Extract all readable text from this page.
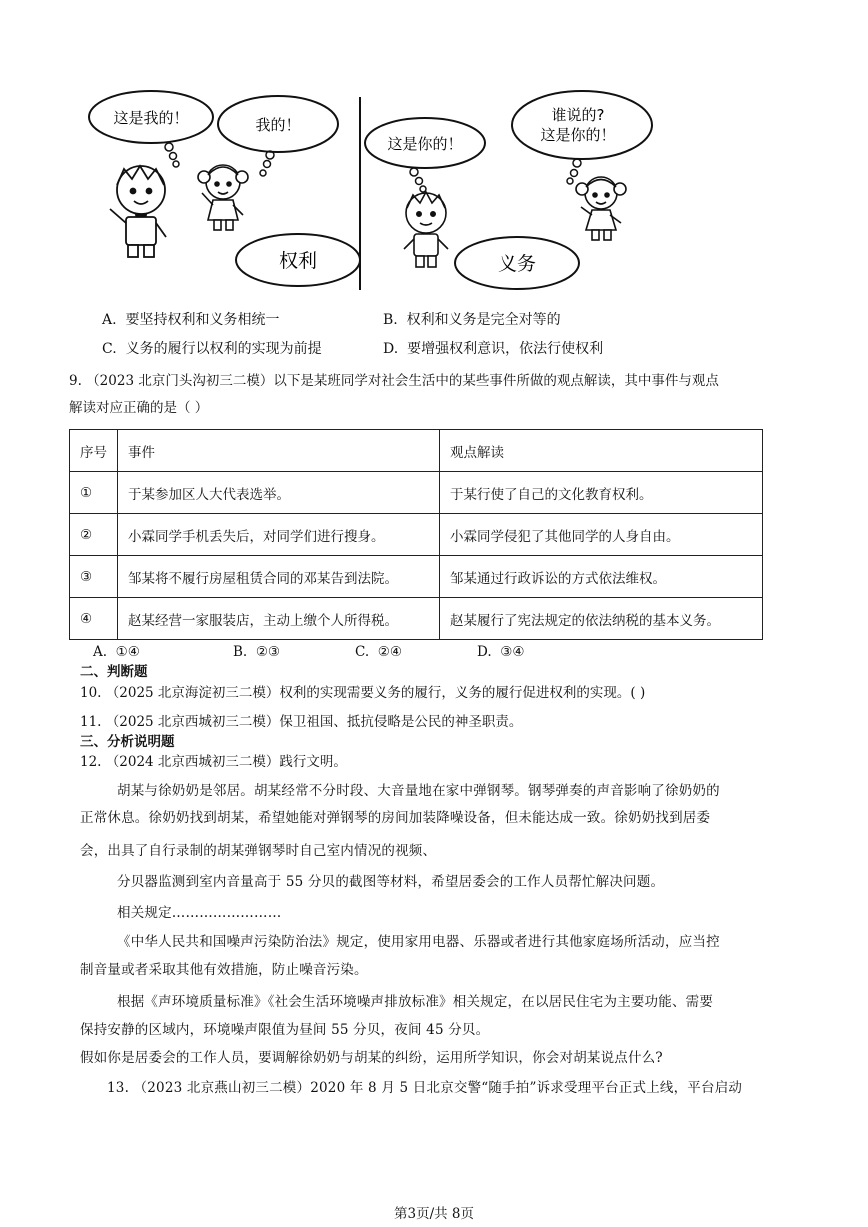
这是我的！	我的！
权利
这是你的！
谁说的?
这是你的！
义务
A. 要坚持权利和义务相统一	B. 权利和义务是完全对等的
C. 义务的履行以权利的实现为前提	D. 要增强权利意识，依法行使权利
9. （2023 北京门头沟初三二模）以下是某班同学对社会生活中的某些事件所做的观点解读，其中事件与观点
解读对应正确的是（ ）
序号	事件	观点解读
①	于某参加区人大代表选举。	于某行使了自己的文化教育权利。
②	小霖同学手机丢失后，对同学们进行搜身。	小霖同学侵犯了其他同学的人身自由。
③	邹某将不履行房屋租赁合同的邓某告到法院。	邹某通过行政诉讼的方式依法维权。
④	赵某经营一家服装店，主动上缴个人所得税。	赵某履行了宪法规定的依法纳税的基本义务。
A. ①④	B. ②③	C. ②④	D. ③④
二、判断题
10. （2025 北京海淀初三二模）权利的实现需要义务的履行，义务的履行促进权利的实现。( )
11. （2025 北京西城初三二模）保卫祖国、抵抗侵略是公民的神圣职责。
三、分析说明题
12. （2024 北京西城初三二模）践行文明。
胡某与徐奶奶是邻居。胡某经常不分时段、大音量地在家中弹钢琴。钢琴弹奏的声音影响了徐奶奶的
正常休息。徐奶奶找到胡某，希望她能对弹钢琴的房间加装降噪设备，但未能达成一致。徐奶奶找到居委
会，出具了自行录制的胡某弹钢琴时自己室内情况的视频、
分贝器监测到室内音量高于 55 分贝的截图等材料，希望居委会的工作人员帮忙解决问题。
相关规定……………………
《中华人民共和国噪声污染防治法》规定，使用家用电器、乐器或者进行其他家庭场所活动，应当控
制音量或者采取其他有效措施，防止噪音污染。
根据《声环境质量标准》《社会生活环境噪声排放标准》相关规定，在以居民住宅为主要功能、需要
保持安静的区域内，环境噪声限值为昼间 55 分贝，夜间 45 分贝。
假如你是居委会的工作人员，要调解徐奶奶与胡某的纠纷，运用所学知识，你会对胡某说点什么?
13. （2023 北京燕山初三二模）2020 年 8 月 5 日北京交警“随手拍”诉求受理平台正式上线，平台启动
第3页/共 8页
